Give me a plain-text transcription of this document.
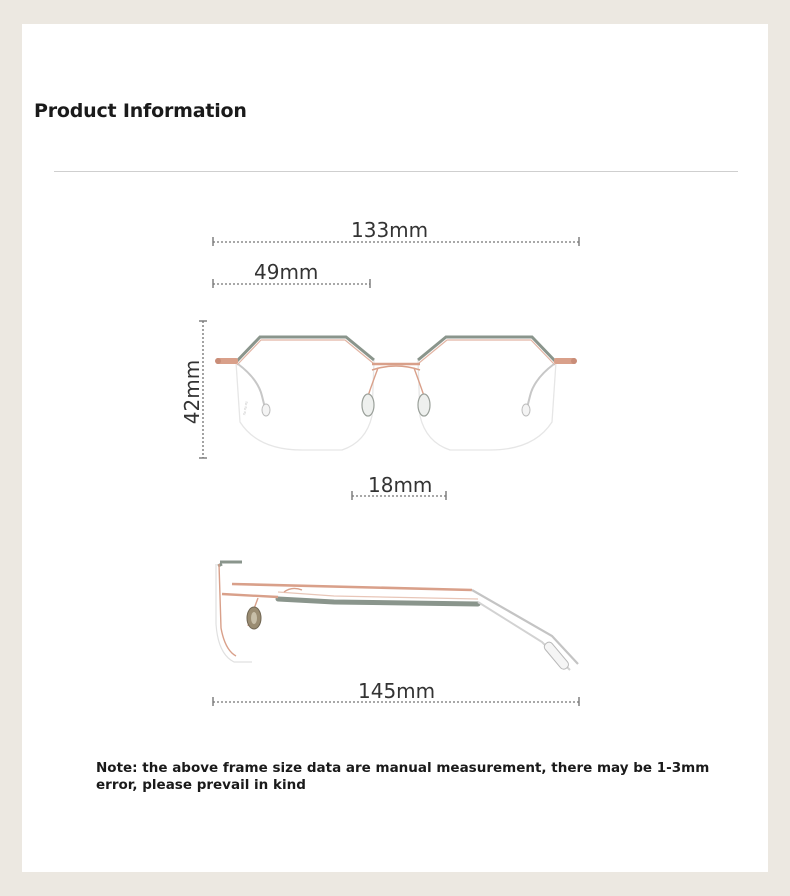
Product Information
133mm
49mm
42mm
18mm
145mm
≈≈≈

Note: the above frame size data are manual measurement, there may be 1-3mm error, please prevail in kind
